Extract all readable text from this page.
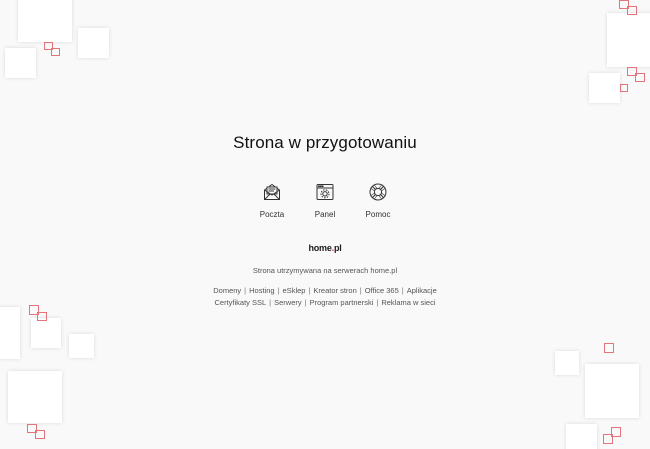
Strona w przygotowaniu
Poczta	Panel	Pomoc
home.pl
Strona utrzymywana na serwerach home.pl
Domeny | Hosting | eSklep | Kreator stron | Office 365 | Aplikacje
Certyfikaty SSL | Serwery | Program partnerski | Reklama w sieci
